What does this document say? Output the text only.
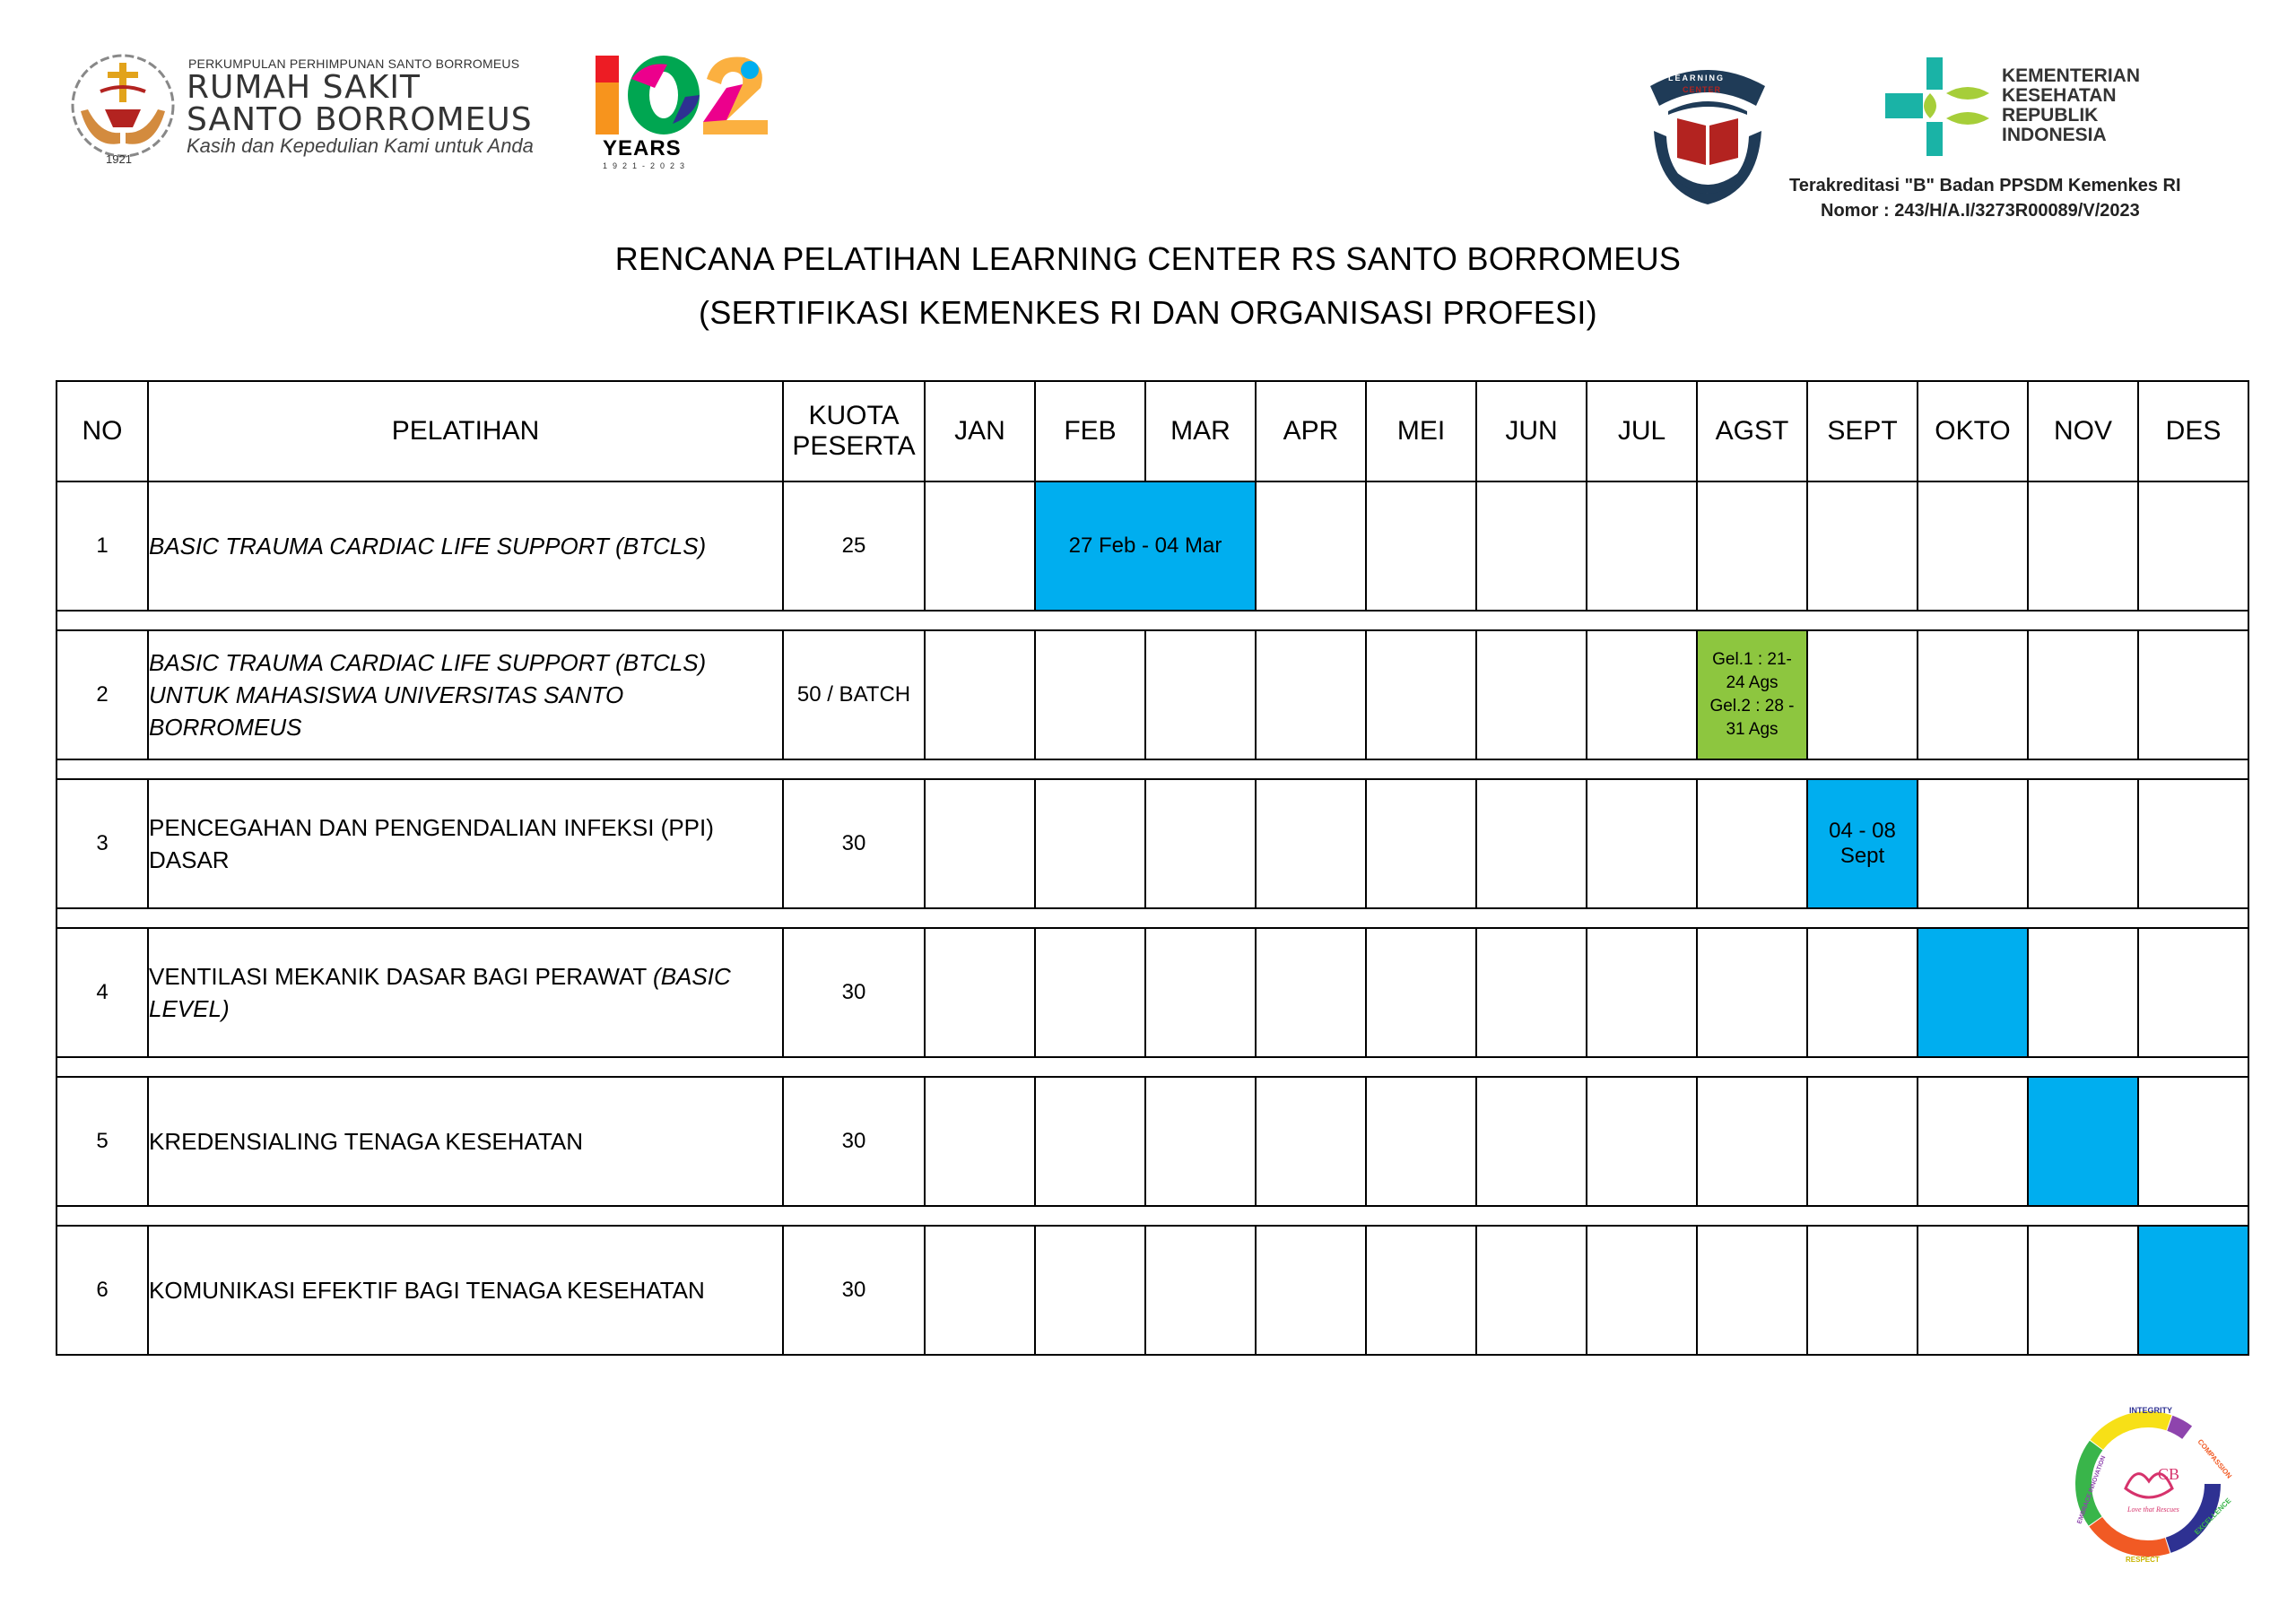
1921
PERKUMPULAN PERHIMPUNAN SANTO BORROMEUS
RUMAH SAKIT
SANTO BORROMEUS
Kasih dan Kepedulian Kami untuk Anda	YEARS
1921-2023
LEARNING
CENTER
KEMENTERIAN
KESEHATAN
REPUBLIK
INDONESIA
Terakreditasi "B" Badan PPSDM Kemenkes RI
Nomor : 243/H/A.I/3273R00089/V/2023
RENCANA PELATIHAN LEARNING CENTER RS SANTO BORROMEUS
(SERTIFIKASI KEMENKES RI DAN ORGANISASI PROFESI)
NO	PELATIHAN	KUOTA
PESERTA	JAN	FEB	MAR	APR	MEI	JUN	JUL	AGST	SEPT	OKTO	NOV	DES
1	BASIC TRAUMA CARDIAC LIFE SUPPORT (BTCLS)	25		27 Feb - 04 Mar										

2	BASIC TRAUMA CARDIAC LIFE SUPPORT (BTCLS) UNTUK MAHASISWA UNIVERSITAS SANTO BORROMEUS	50 / BATCH								Gel.1 : 21-
24 Ags
Gel.2 : 28 -
31 Ags				

3	PENCEGAHAN DAN PENGENDALIAN INFEKSI (PPI) DASAR	30									04 - 08
Sept			

4	VENTILASI MEKANIK DASAR BAGI PERAWAT (BASIC LEVEL)	30												

5	KREDENSIALING TENAGA KESEHATAN	30												

6	KOMUNIKASI EFEKTIF BAGI TENAGA KESEHATAN	30												
CB
Love that Rescues
INTEGRITY
COMPASSION
EXCELLENCE
RESPECT
EMBRACE INNOVATION
